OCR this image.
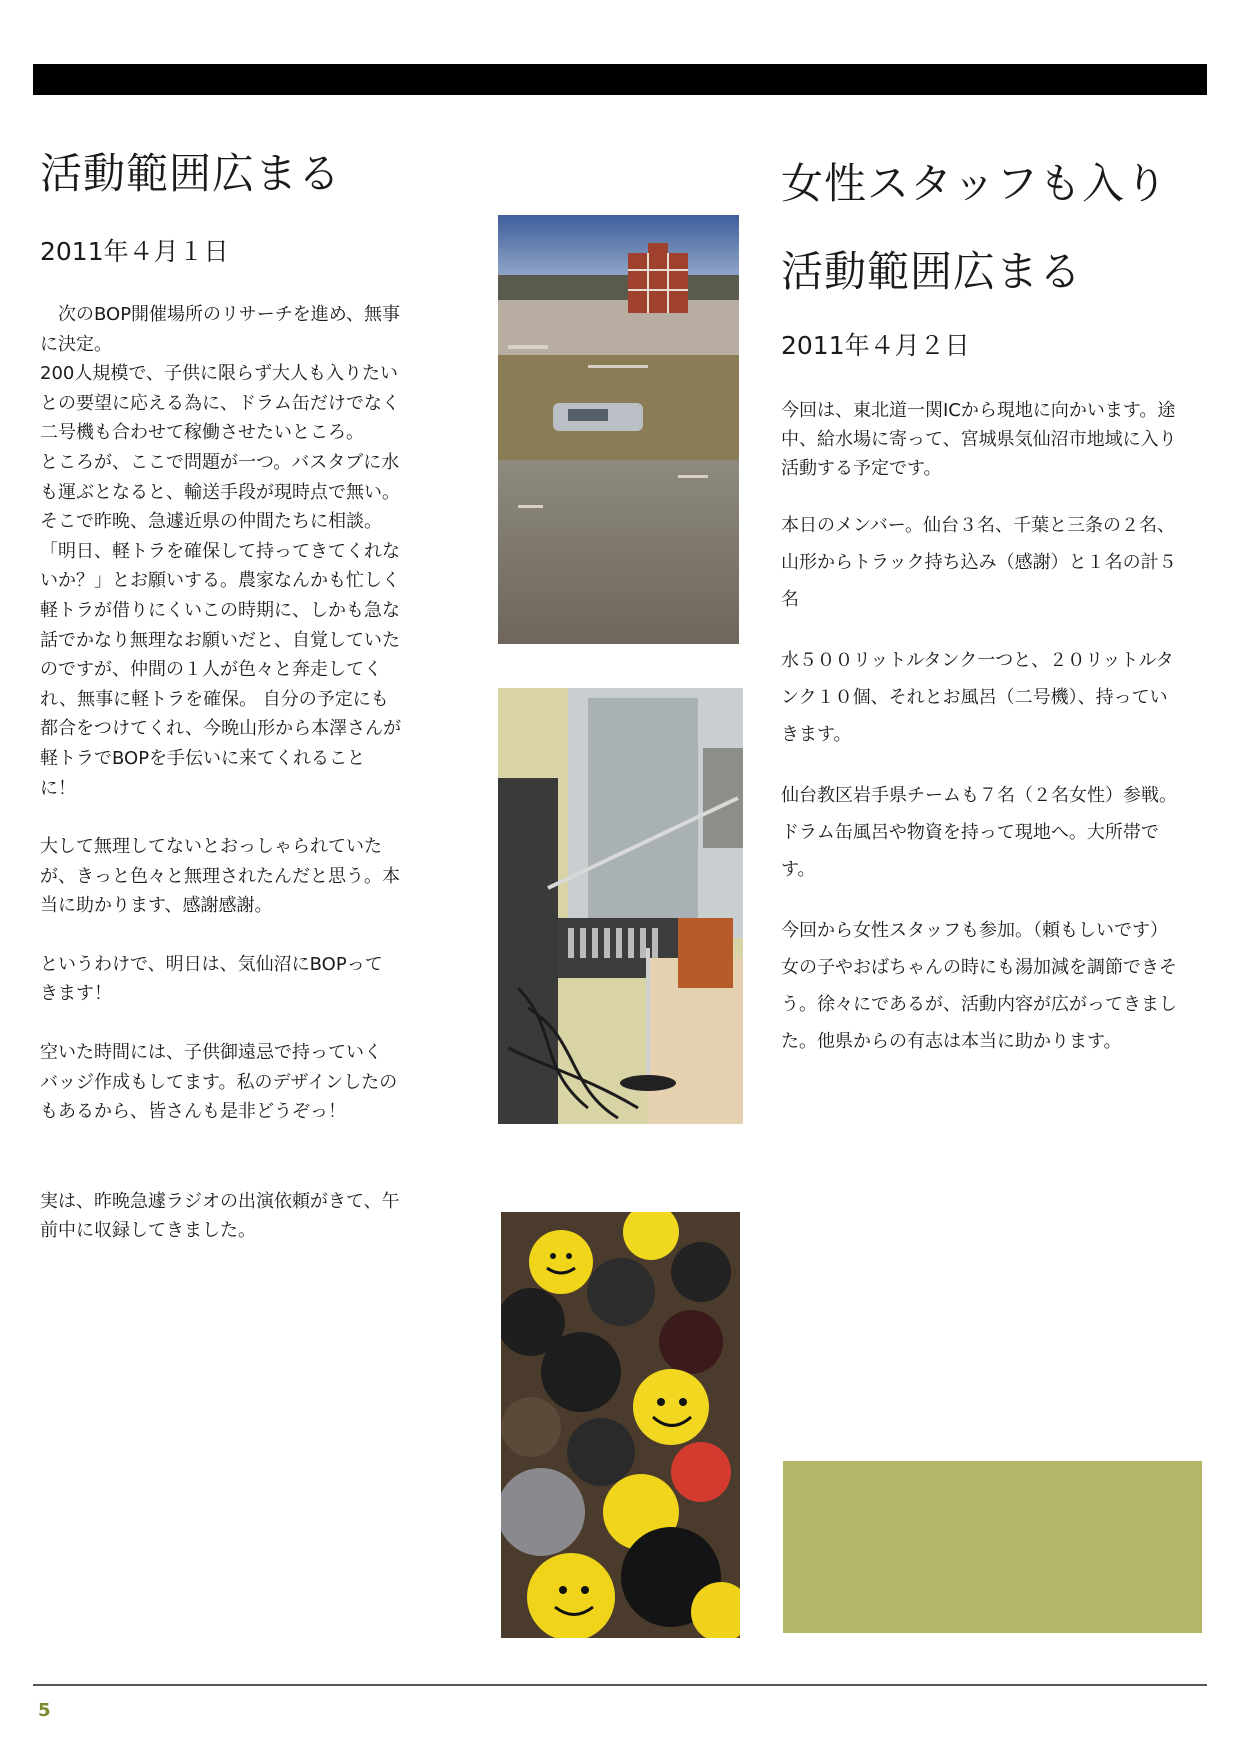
活動範囲広まる
2011年４月１日

　次のBOP開催場所のリサーチを進め、無事
に決定。
200人規模で、子供に限らず大人も入りたい
との要望に応える為に、ドラム缶だけでなく
二号機も合わせて稼働させたいところ。
ところが、ここで問題が一つ。バスタブに水
も運ぶとなると、輸送手段が現時点で無い。
そこで昨晩、急遽近県の仲間たちに相談。
「明日、軽トラを確保して持ってきてくれな
いか？」とお願いする。農家なんかも忙しく
軽トラが借りにくいこの時期に、しかも急な
話でかなり無理なお願いだと、自覚していた
のですが、仲間の１人が色々と奔走してく
れ、無事に軽トラを確保。 自分の予定にも
都合をつけてくれ、今晩山形から本澤さんが
軽トラでBOPを手伝いに来てくれること
に！

大して無理してないとおっしゃられていた
が、きっと色々と無理されたんだと思う。本
当に助かります、感謝感謝。

というわけで、明日は、気仙沼にBOPって
きます！

空いた時間には、子供御遠忌で持っていく
バッジ作成もしてます。私のデザインしたの
もあるから、皆さんも是非どうぞっ！

実は、昨晩急遽ラジオの出演依頼がきて、午
前中に収録してきました。

女性スタッフも入り
活動範囲広まる
2011年４月２日

今回は、東北道一関ICから現地に向かいます。途
中、給水場に寄って、宮城県気仙沼市地域に入り
活動する予定です。

本日のメンバー。仙台３名、千葉と三条の２名、
山形からトラック持ち込み（感謝）と１名の計５
名

水５００リットルタンク一つと、２０リットルタ
ンク１０個、それとお風呂（二号機）、持ってい
きます。

仙台教区岩手県チームも７名（２名女性）参戦。
ドラム缶風呂や物資を持って現地へ。大所帯で
す。

今回から女性スタッフも参加。（頼もしいです）
女の子やおばちゃんの時にも湯加減を調節できそ
う。徐々にであるが、活動内容が広がってきまし
た。他県からの有志は本当に助かります。

5
